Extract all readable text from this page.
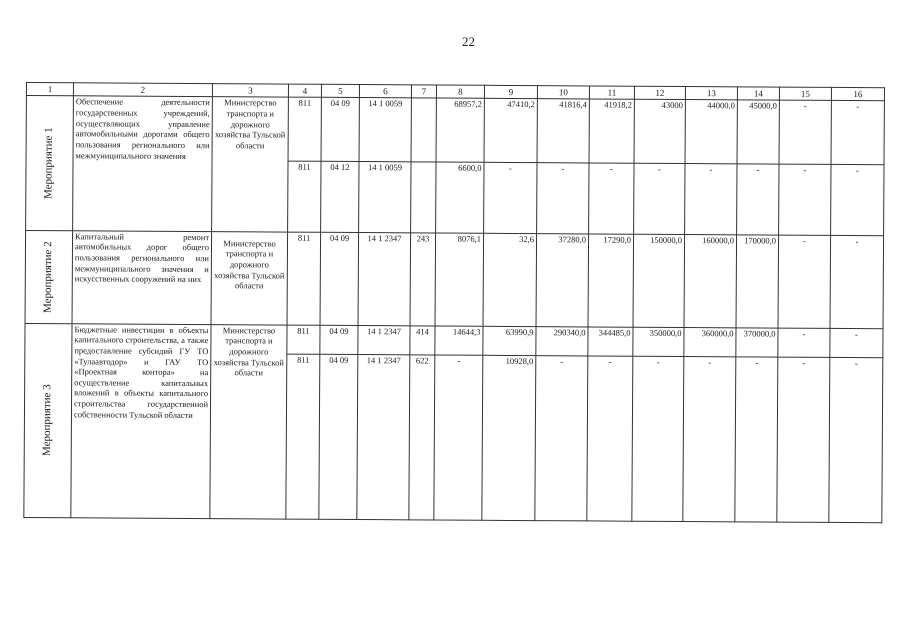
22
1	2	3	4	5	6	7	8	9	10	11	12	13	14	15	16

Мероприятие 1	Обеспечение деятельности государственных учреждений, осуществляющих управление автомобильными дорогами общего пользования регионального или межмуниципального значения	Министерство транспорта и дорожного хозяйства Тульской области	811	04 09	14 1 0059		68957,2	47410,2	41816,4	41918,2	43000	44000,0	45000,0	-	-
			811	04 12	14 1 0059		6600,0	-	-	-	-	-	-	-	-

Мероприятие 2	Капитальный ремонт автомобильных дорог общего пользования регионального или межмуниципального значения и искусственных сооружений на них	Министерство транспорта и дорожного хозяйства Тульской области	811	04 09	14 1 2347	243	8076,1	32,6	37280,0	17290,0	150000,0	160000,0	170000,0	-	-

Мероприятие 3	Бюджетные инвестиции в объекты капитального строительства, а также предоставление субсидий ГУ ТО «Тулаавтодор» и ГАУ ТО «Проектная контора» на осуществление капитальных вложений в объекты капитального строительства государственной собственности Тульской области	Министерство транспорта и дорожного хозяйства Тульской области	811	04 09	14 1 2347	414	14644,3	63990,9	290340,0	344485,0	350000,0	360000,0	370000,0	-	-
			811	04 09	14 1 2347	622	-	10928,0	-	-	-	-	-	-	-
